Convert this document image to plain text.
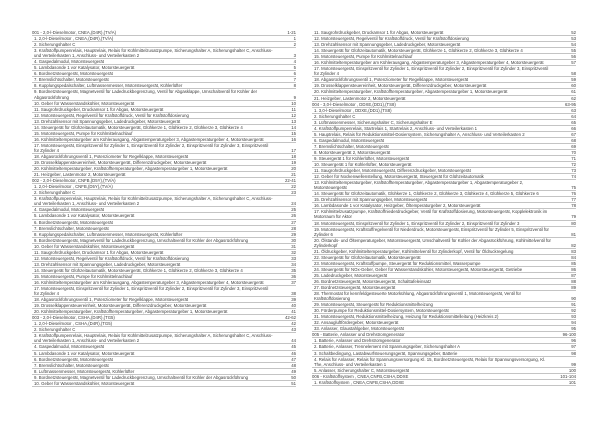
001 - 2,0-l-Dieselmotor, CNEA,(D4R),(TV/A)	1-21
1. 2,0-l-Dieselmotor , CNEA,(D4R),(TV/A)	1
2. Sicherungshalter C	2
3. Kraftstoffpumpenrelais, Hauptrelais, Relais für Kühlmittelzusatzpumpe, Sicherungshalter A, Sicherungshalter C, Anschluss- und Verteilerkasten 1, Anschluss- und Verteilerkasten 2	3
4. Gaspedalmodul, Motorsteuergerät	4
5. Lambdasonde 1 vor Katalysator, Motorsteuergerät	5
6. Bordnetzsteuergerät, Motorsteuergerät	6
7. Bremslichtschalter, Motorsteuergerät	7
8. Kupplungspedalschalter, Luftmassenmesser, Motorsteuergerät, Kühlerlüfter	8
9. Bordnetzsteuergerät, Magnetventil für Ladedruckbegrenzung, Ventil für Abgasklappe, Umschaltventil für Kühler der Abgasrückführung	9
10. Geber für Wasserstandskühler, Motorsteuergerät	10
11. Saugrohrdruckgeber, Druckamsor 1 für Abgas, Motorsteuergerät	11
12. Motorsteuergerät, Regelventil für Kraftstoffdruck, Ventil für Kraftstoffdosierung	12
13. Drehzahlsensor mit Spannungsgeber, Ladedruckgeber, Motorsteuergerät	13
14. Steuergerät für Glühzeitautomatik, Motorsteuergerät, Glühkerze 1, Glühkerze 2, Glühkerze 3, Glühkerze 4	14
15. Motorsteuergerät, Pumpe für Kühlmittelnachlauf	15
16. Kühlmitteltemperaturgeber am Kühlerausgang, Abgastemperaturgeber 3, Abgastemperaturgeber 4, Motorsteuergerät	16
17. Motorsteuergerät, Einspritzventil für Zylinder 1, Einspritzventil für Zylinder 2, Einspritzventil für Zylinder 3, Einspritzventil für Zylinder 4	17
18. Abgasrückführungsventil 1, Potenziometer für Regelklappe, Motorsteuergerät	18
19. Drosselklappensteuereinheit, Motorsteuergerät, Differenzdruckgeber, Motorsteuergerät	19
20. Kühlmitteltemperaturgeber, Kraftstofftemperaturgeber, Abgastemperaturgeber 1, Motorsteuergerät	20
21. Heizgeber, Lastenmotor 2, Motorsteuergerät	21
002 - 2,0-l-Dieselmotor, CNFB,(D5Y),(TV/A)	22-41
1. 2,0-l-Dieselmotor , CNFB,(D5Y),(TV/A)	22
2. Sicherungshalter C	23
3. Kraftstoffpumpenrelais, Hauptrelais, Relais für Kühlmittelzusatzpumpe, Sicherungshalter A, Sicherungshalter C, Anschluss- und Verteilerkasten 1, Anschluss- und Verteilerkasten 2	24
4. Gaspedalmodul, Motorsteuergerät	25
5. Lambdasonde 1 vor Katalysator, Motorsteuergerät	26
6. Bordnetzsteuergerät, Motorsteuergerät	27
7. Bremslichtschalter, Motorsteuergerät	28
8. Kupplungspedalschalter, Luftmassenmesser, Motorsteuergerät, Kühlerlüfter	29
9. Bordnetzsteuergerät, Magnetventil für Ladedruckbegrenzung, Umschaltventil für Kühler der Abgasrückführung	30
10. Geber für Wasserstandskühler, Motorsteuergerät	31
11. Saugrohrdruckgeber, Druckamsor 1 für Abgas, Motorsteuergerät	32
12. Motorsteuergerät, Regelventil für Kraftstoffdruck, Ventil für Kraftstoffdosierung	33
13. Drehzahlsensor mit Spannungsgeber, Ladedruckgeber, Motorsteuergerät	34
14. Steuergerät für Glühzeitautomatik, Motorsteuergerät, Glühkerze 1, Glühkerze 2, Glühkerze 3, Glühkerze 4	35
15. Motorsteuergerät, Pumpe für Kühlmittelnachlauf	36
16. Kühlmitteltemperaturgeber am Kühlerausgang, Abgastemperaturgeber 3, Abgastemperaturgeber 4, Motorsteuergerät	37
17. Motorsteuergerät, Einspritzventil für Zylinder 1, Einspritzventil für Zylinder 2, Einspritzventil für Zylinder 3, Einspritzventil für Zylinder 4	38
18. Abgasrückführungsventil 1, Potenziometer für Regelklappe, Motorsteuergerät	39
19. Drosselklappensteuereinheit, Motorsteuergerät, Differenzdruckgeber, Motorsteuergerät	40
20. Kühlmitteltemperaturgeber, Kraftstofftemperaturgeber, Abgastemperaturgeber 1, Motorsteuergerät	41
003 - 2,0-l-Dieselmotor, CSHA,(D4R),(TG5)	42-62
1. 2,0-l-Dieselmotor , CSHA,(D4R),(TG5)	42
2. Sicherungshalter C	43
3. Kraftstoffpumpenrelais, Hauptrelais, Relais für Kühlmittelzusatzpumpe, Sicherungshalter A, Sicherungshalter C, Anschluss- und Verteilerkasten 1, Anschluss- und Verteilerkasten 2	44
4. Gaspedalmodul, Motorsteuergerät	45
5. Lambdasonde 1 vor Katalysator, Motorsteuergerät	46
6. Bordnetzsteuergerät, Motorsteuergerät	47
7. Bremslichtschalter, Motorsteuergerät	48
8. Luftmassenmesser, Motorsteuergerät, Kühlerlüfter	49
9. Bordnetzsteuergerät, Magnetventil für Ladedruckbegrenzung, Umschaltventil für Kühler der Abgasrückführung	50
10. Geber für Wasserstandskühler, Motorsteuergerät	51
11. Saugrohrdruckgeber, Druckamsor 1 für Abgas, Motorsteuergerät	52
12. Motorsteuergerät, Regelventil für Kraftstoffdruck, Ventil für Kraftstoffdosierung	53
13. Drehzahlsensor mit Spannungsgeber, Ladedruckgeber, Motorsteuergerät	54
14. Steuergerät für Glühzeitautomatik, Motorsteuergerät, Glühkerze 1, Glühkerze 2, Glühkerze 3, Glühkerze 4	55
15. Motorsteuergerät, Pumpe für Kühlmittelnachlauf	56
16. Kühlmitteltemperaturgeber am Kühlerausgang, Abgastemperaturgeber 3, Abgastemperaturgeber 4, Motorsteuergerät	57
17. Motorsteuergerät, Einspritzventil für Zylinder 1, Einspritzventil für Zylinder 2, Einspritzventil für Zylinder 3, Einspritzventil für Zylinder 4	58
18. Abgasrückführungsventil 1, Potenziometer für Regelklappe, Motorsteuergerät	59
19. Drosselklappensteuereinheit, Motorsteuergerät, Differenzdruckgeber, Motorsteuergerät	60
20. Kühlmitteltemperaturgeber, Kraftstofftemperaturgeber, Abgastemperaturgeber 1, Motorsteuergerät	61
21. Heizgeber, Lastenmotor 2, Motorsteuergerät	62
004 - 3,0-l-Dieselmotor , DDXE,(DD1),(TS8)	63-95
1. 3,0-l-Dieselmotor , DDXE,(DD1),(TS8)	63
2. Sicherungshalter C	64
3. Lüftmassenmesser, Sicherungshalter C, Sicherungshalter E	65
4. Kraftstoffpumpenrelais, Startrelais 1, Startrelais 2, Anschluss- und Verteilerkasten 1	66
5. Hauptrelais, Relais für Reduktionsmittel-Dosiersystem, Sicherungshalter A, Anschluss- und Verteilerkasten 2	67
6. Gaspedalmodul, Motorsteuergerät	68
7. Bremslichtschalter, Motorsteuergerät	69
8. Motorsteuergerät 2, Motorsteuergerät	70
9. Steuergerät 1 für Kühlerlüfter, Motorsteuergerät	71
10. Steuergerät 1 für Kühlerlüfter, Motorsteuergerät	72
11. Saugrohrdruckgeber, Motorsteuergerät, Differenzdruckgeber, Motorsteuergerät	73
12. Geber für Nockenwellenstellung, Motorsteuergerät, Steuergerät für Glühzeitautomatik	74
13. Kühlmitteltemperaturgeber, Kraftstofftemperaturgeber, Abgastemperaturgeber 1, Abgastemperaturgeber 2, Motorsteuergerät	75
14. Steuergerät für Glühzeitautomatik, Glühkerze 1, Glühkerze 2, Glühkerze 3, Glühkerze 4, Glühkerze 5, Glühkerze 6	76
15. Drehzahlsensor mit Spannungsgeber, Motorsteuergerät	77
16. Lambdasonde 1 vor Katalysator, Heizgeber, Öltemperaturgeber 2, Motorsteuergerät	78
17. Kühlmittelzusatzpumpe, Kraftstoffniederdruckgeber, Ventil für Kraftstoffdosierung, Motorsteuergerät, Kopplelektronik im Motorraum für Aktor	79
18. Motorsteuergerät, Einspritzventil für Zylinder 1, Einspritzventil für Zylinder 2, Einspritzventil für Zylinder 3	80
19. Motorsteuergerät, Kraftstoffregelventil für Niederdruck, Motorsteuergerät, Einspritzventil für Zylinder 5, Einspritzventil für Zylinder 6	81
20. Ölstands- und Öltemperaturgeber, Motorsteuergerät, Umschaltventil für Kühler der Abgasrückführung, Kühlmittelventil für Zylinderkopf	82
21. Öldruckgeber, Kühlmitteltemperaturgeber, Kühlmittelventil für Zylinderkopf, Ventil für Öldruckregelung	83
22. Steuergerät für Glühzeitautomatik, Motorsteuergerät	84
23. Motorsteuergerät, Kraftstoffpumpe, Steuergerät für Reduktionsmittel, Wasserpumpe	85
24. Steuergerät für NOx-Geber, Geber für Wasserstandskühler, Motorsteuergerät, Motorsteuergerät, Getriebe	86
25. Ladedruckgeber, Motorsteuergerät	87
26. Bordnetzsteuergerät, Motorsteuergerät, Schalttafeleinsatz	88
27. Bordnetzsteuergerät, Motorsteuergerät	89
28. Thermostat für kennfeldgesteuerte Motorkühlung, Abgasrückführungsventil 1, Motorsteuergerät, Ventil für Kraftstoffdosierung	90
29. Motorsteuergerät, Steuergerät für Reduktionsmittelheizung	91
30. Förderpumpe für Reduktionsmittel-Dosiersystem, Motorsteuergerät	92
31. Motorsteuergerät, Reduktionsmittelheizung, Heizung für Reduktionsmittelleitung (Heizkreis 2)	93
32. Ansaugluftfördergeber, Motorsteuergerät	94
33. Anlasser, Glaustahlgeber, Motorsteuergerät	95
005 - Batterie, Anlasser und Drehstromgenerator	96-100
1. Batterie, Anlasser und Drehstromgenerator	96
2. Batterie, Anlasser, Trennelement mit Spannungsgeber, Sicherungshalter A	97
3. Schaltbedingung, Lastabwurfsteuerungsgerät, Spannungsgeber, Batterie	98
4. Relais für Anlasser, Relais für Spannungsversorgung Kl. 15, Bordnetzsteuergerät, Relais für Spannungsversorgung, Kl. The, Anschluss- und Verteilerkasten 1	99
5. Anlasser, Sicherungshalter C, Motorsteuergerät	100
006 - Kraftstoffsystem , CNEA,CNFB,CSHA,DDXE	101-104
1. Kraftstoffsystem , CNEA,CNFB,CSHA,DDXE	101
